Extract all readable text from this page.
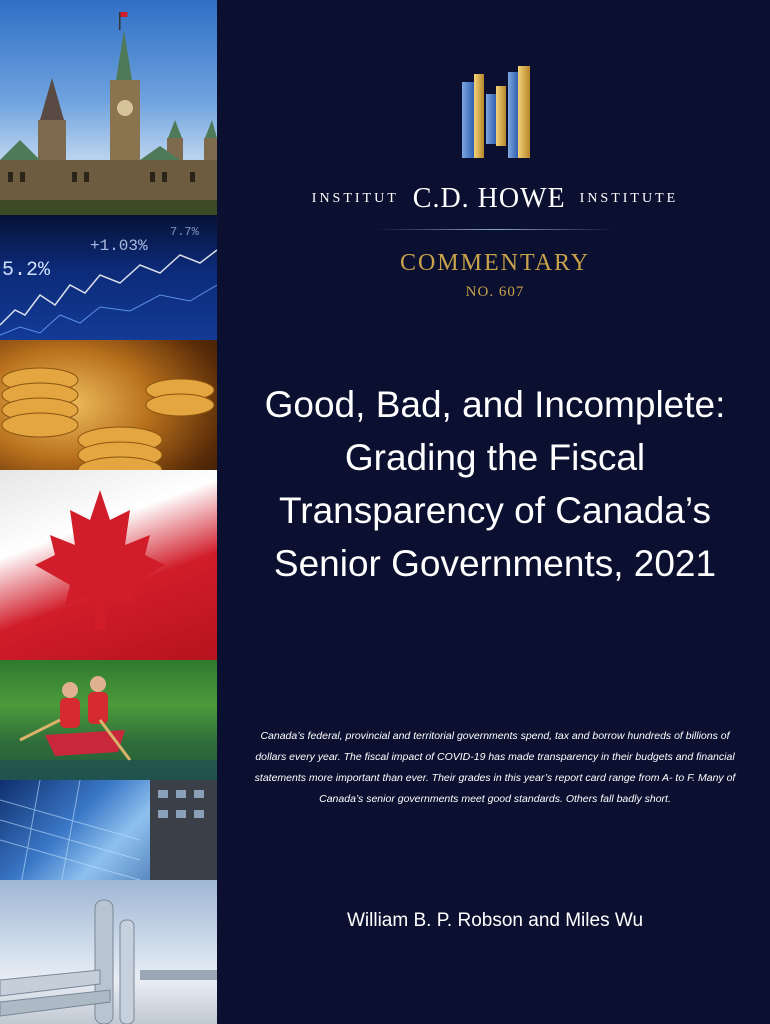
5.2%
+1.03%
7.7%
INSTITUT C.D. HOWE INSTITUTE
COMMENTARY
NO. 607
Good, Bad, and Incomplete: Grading the Fiscal Transparency of Canada’s Senior Governments, 2021
Canada’s federal, provincial and territorial governments spend, tax and borrow hundreds of billions of dollars every year. The fiscal impact of COVID-19 has made transparency in their budgets and financial statements more important than ever. Their grades in this year’s report card range from A- to F. Many of Canada’s senior governments meet good standards. Others fall badly short.
William B. P. Robson and Miles Wu
